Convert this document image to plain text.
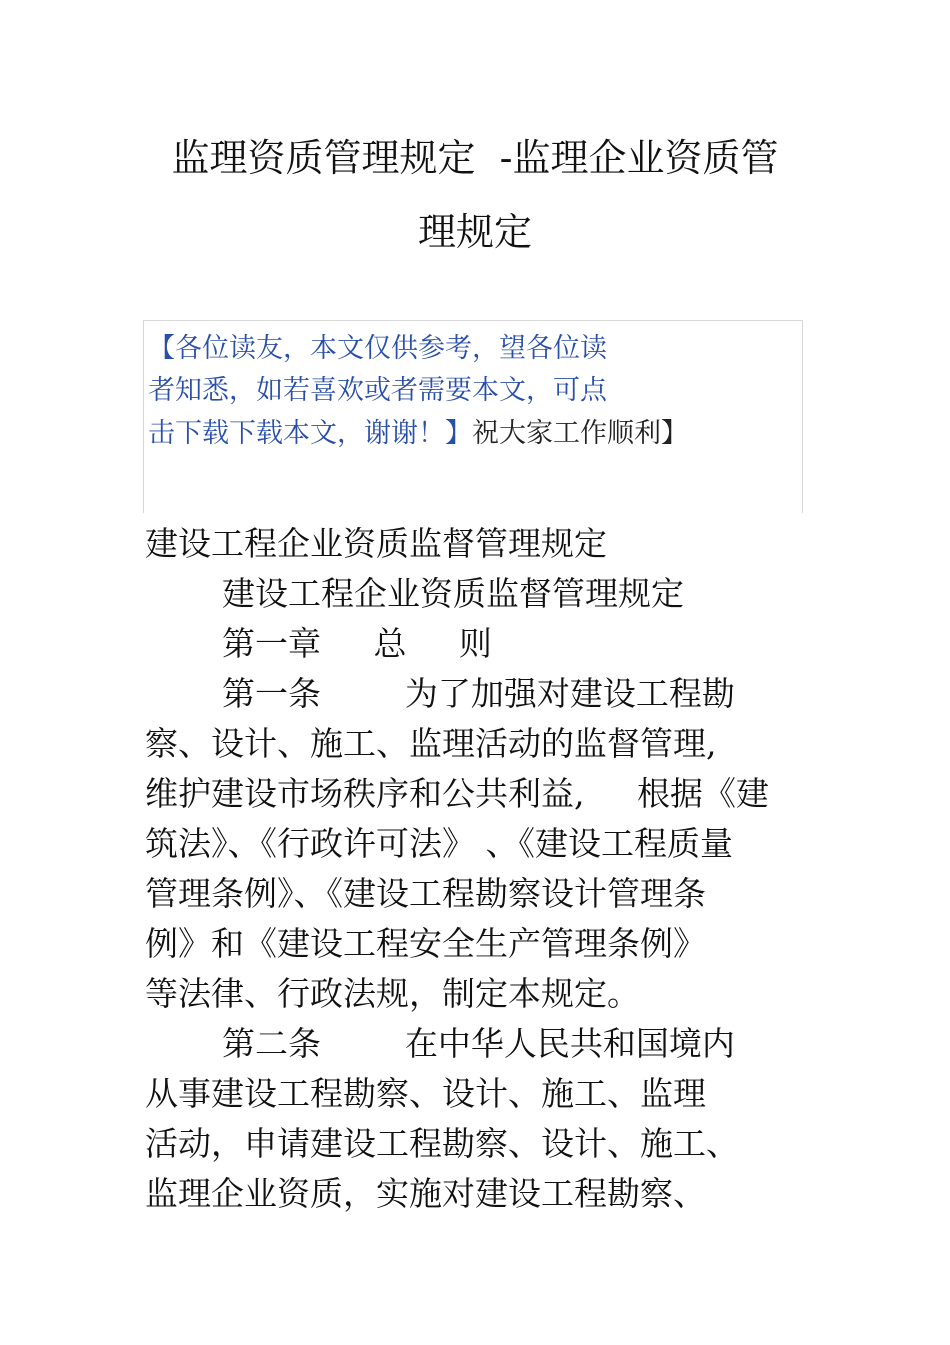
监理资质管理规定  -监理企业资质管
理规定
【各位读友，本文仅供参考，望各位读
者知悉，如若喜欢或者需要本文，可点
击下载下载本文，谢谢！】祝大家工作顺利】
建设工程企业资质监督管理规定
建设工程企业资质监督管理规定
第一章     总     则
第一条        为了加强对建设工程勘
察、设计、施工、监理活动的监督管理,
维护建设市场秩序和公共利益,     根据《建
筑法》、《行政许可法》 、《建设工程质量
管理条例》、《建设工程勘察设计管理条
例》和《建设工程安全生产管理条例》
等法律、行政法规，制定本规定。
第二条        在中华人民共和国境内
从事建设工程勘察、设计、施工、监理
活动，申请建设工程勘察、设计、施工、
监理企业资质，实施对建设工程勘察、
